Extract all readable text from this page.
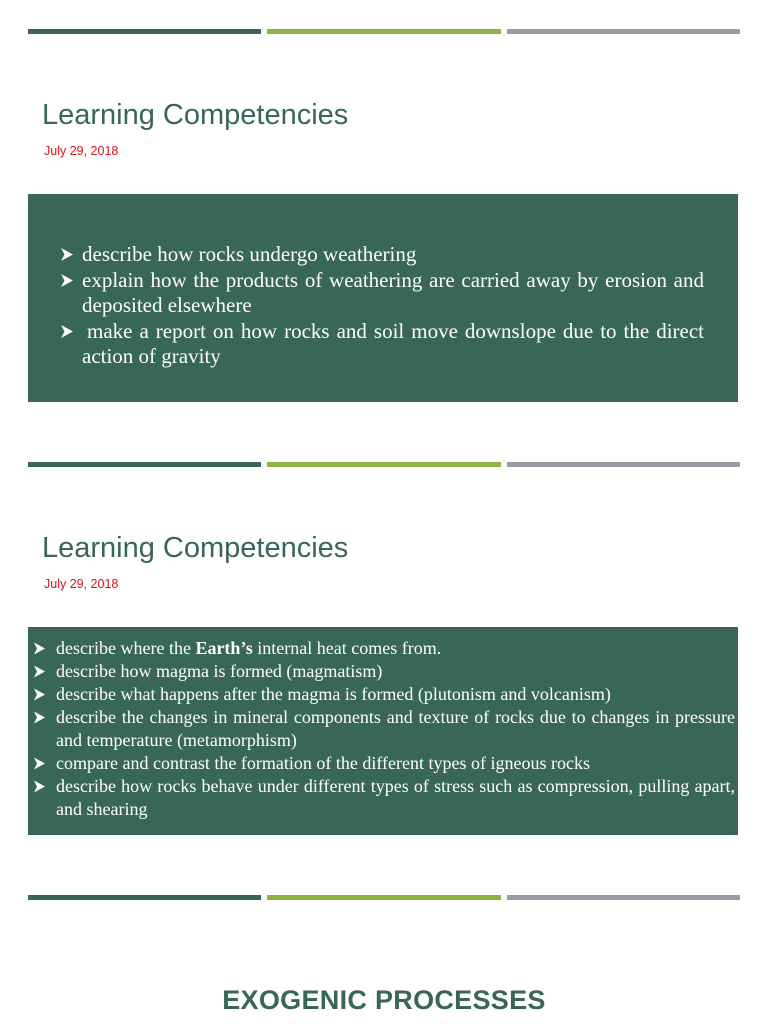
Learning Competencies

July 29, 2018

describe how rocks undergo weathering
explain how the products of weathering are carried away by erosion and deposited elsewhere
make a report on how rocks and soil move downslope due to the direct action of gravity
Learning Competencies

July 29, 2018

describe where the Earth’s internal heat comes from.
describe how magma is formed (magmatism)
describe what happens after the magma is formed (plutonism and volcanism)
describe the changes in mineral components and texture of rocks due to changes in pressure and temperature (metamorphism)
compare and contrast the formation of the different types of igneous rocks
describe how rocks behave under different types of stress such as compression, pulling apart, and shearing
EXOGENIC PROCESSES
